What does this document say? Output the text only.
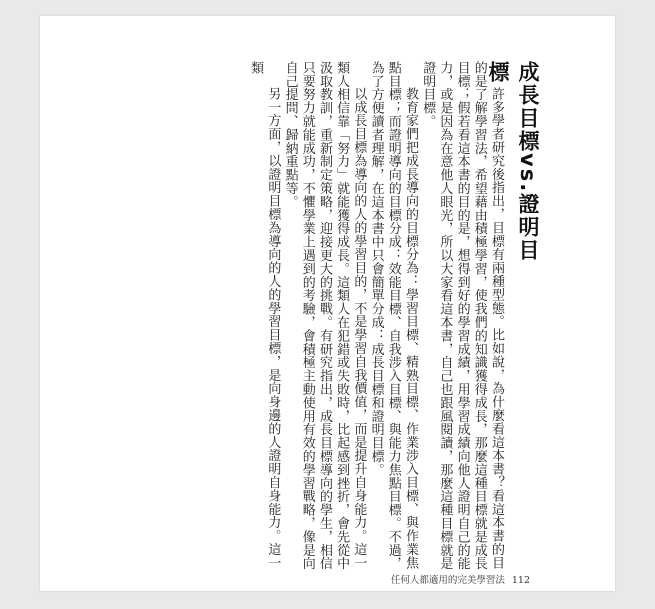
成長目標vs.證明目標

許多學者研究後指出，目標有兩種型態。比如說，為什麼看這本書？看這本書的目的是了解學習法，希望藉由積極學習，使我們的知識獲得成長，那麼這種目標就是成長目標；假若看這本書的目的是，想得到好的學習成績，用學習成績向他人證明自己的能力，或是因為在意他人眼光，所以大家看這本書，自己也跟風閱讀，那麼這種目標就是證明目標。

教育家們把成長導向的目標分為：學習目標、精熟目標、作業涉入目標、與作業焦點目標；而證明導向的目標分成：效能目標、自我涉入目標、與能力焦點目標。不過，為了方便讀者理解，在這本書中只會簡單分成：成長目標和證明目標。

以成長目標為導向的人的學習目的，不是學習自我價值，而是提升自身能力。這一類人相信靠「努力」就能獲得成長。這類人在犯錯或失敗時，比起感到挫折，會先從中汲取教訓，重新制定策略，迎接更大的挑戰。有研究指出，成長目標導向的學生，相信只要努力就能成功，不懼學業上遇到的考驗，會積極主動使用有效的學習戰略，像是向自己提問、歸納重點等。

另一方面，以證明目標為導向的人的學習目標，是向身邊的人證明自身能力。這一類

任何人都適用的完美學習法 112
